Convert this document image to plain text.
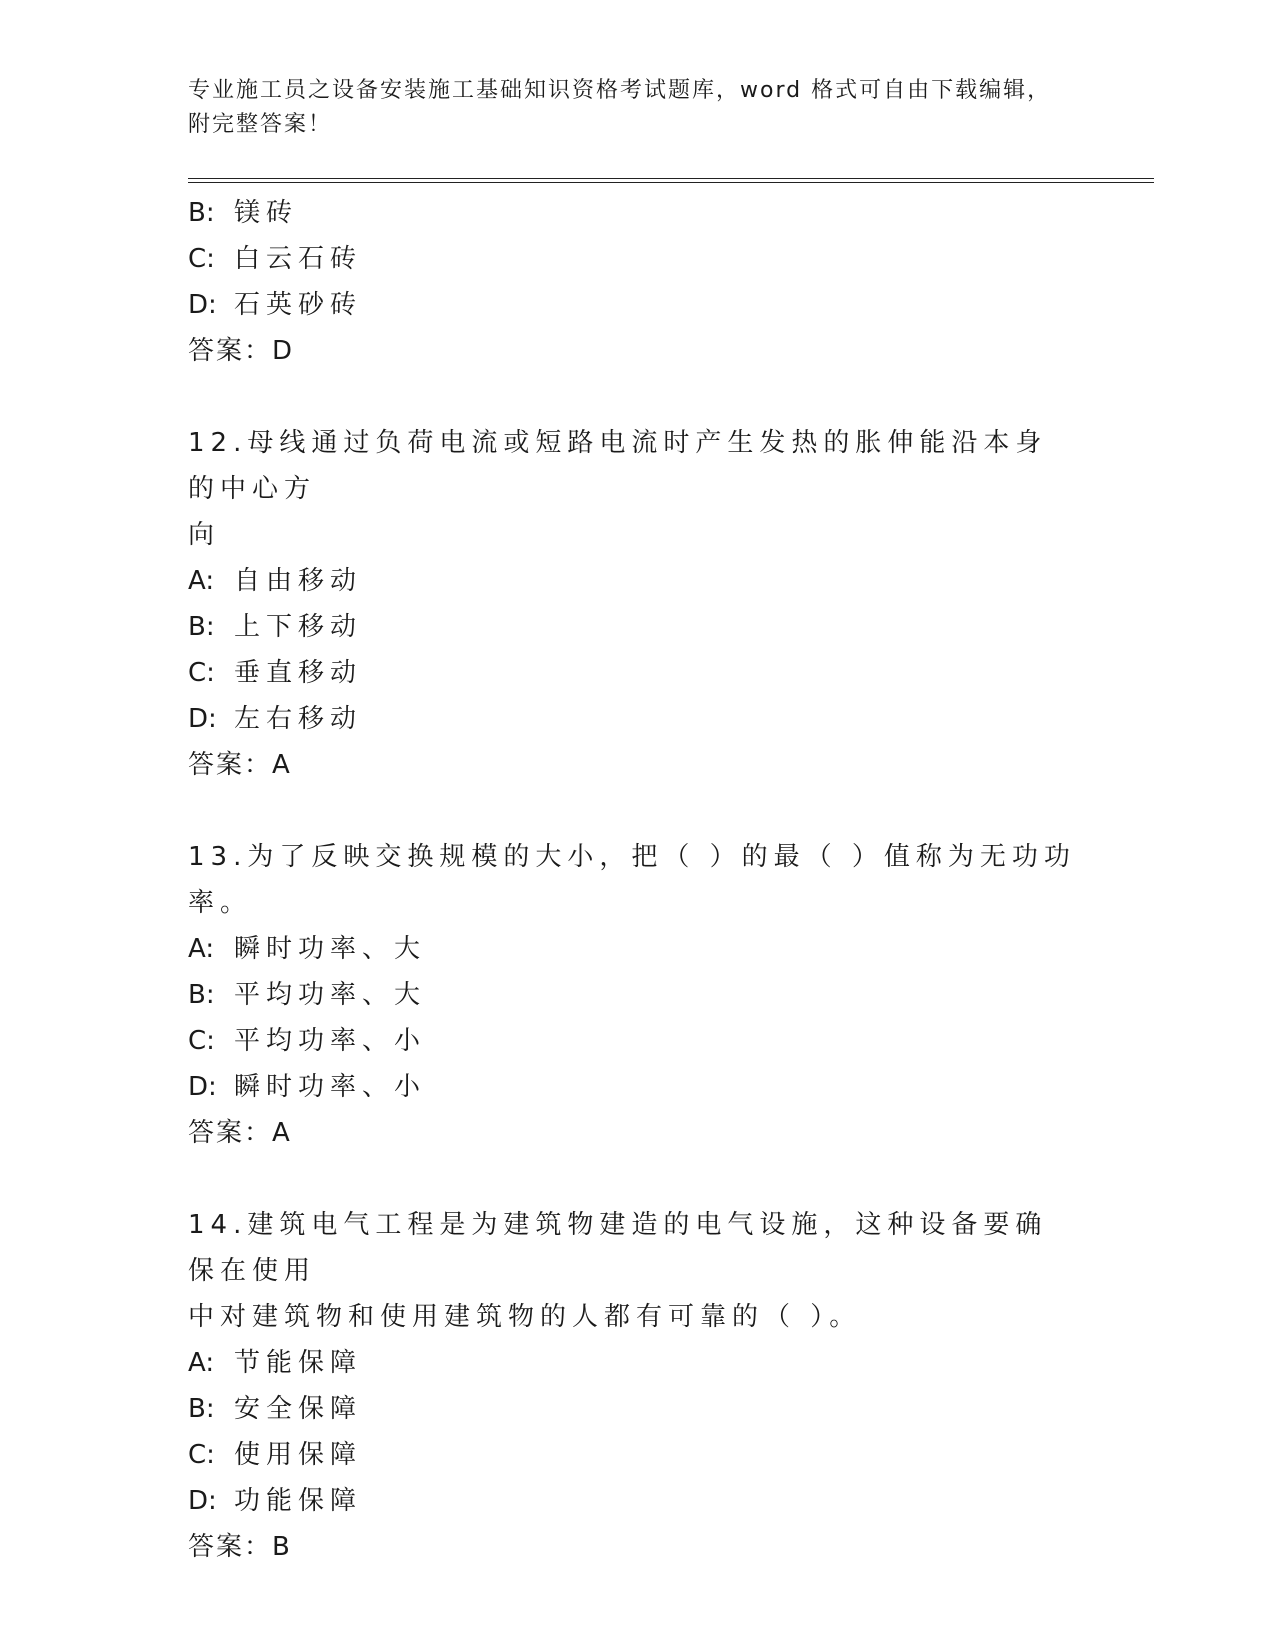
专业施工员之设备安装施工基础知识资格考试题库，word 格式可自由下载编辑，
附完整答案！
B: 镁砖
C: 白云石砖
D: 石英砂砖
答案：D
12.母线通过负荷电流或短路电流时产生发热的胀伸能沿本身的中心方
向
A: 自由移动
B: 上下移动
C: 垂直移动
D: 左右移动
答案：A
13.为了反映交换规模的大小，把（ ）的最（ ）值称为无功功率。
A: 瞬时功率、大
B: 平均功率、大
C: 平均功率、小
D: 瞬时功率、小
答案：A
14.建筑电气工程是为建筑物建造的电气设施，这种设备要确保在使用
中对建筑物和使用建筑物的人都有可靠的（ ）。
A: 节能保障
B: 安全保障
C: 使用保障
D: 功能保障
答案：B
